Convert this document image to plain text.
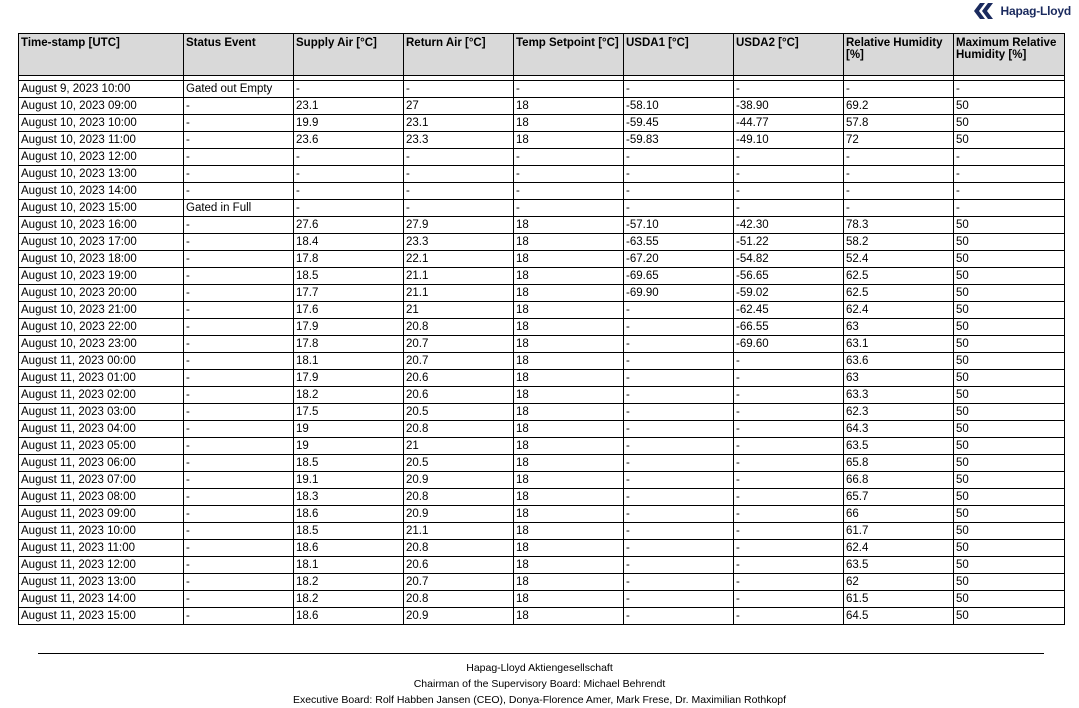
Hapag-Lloyd
Time-stamp [UTC]	Status Event	Supply Air [°C]	Return Air [°C]	Temp Setpoint [°C]	USDA1 [°C]	USDA2 [°C]	Relative Humidity [%]	Maximum Relative Humidity [%]

August 9, 2023 10:00	Gated out Empty	-	-	-	-	-	-	-
August 10, 2023 09:00	-	23.1	27	18	-58.10	-38.90	69.2	50
August 10, 2023 10:00	-	19.9	23.1	18	-59.45	-44.77	57.8	50
August 10, 2023 11:00	-	23.6	23.3	18	-59.83	-49.10	72	50
August 10, 2023 12:00	-	-	-	-	-	-	-	-
August 10, 2023 13:00	-	-	-	-	-	-	-	-
August 10, 2023 14:00	-	-	-	-	-	-	-	-
August 10, 2023 15:00	Gated in Full	-	-	-	-	-	-	-
August 10, 2023 16:00	-	27.6	27.9	18	-57.10	-42.30	78.3	50
August 10, 2023 17:00	-	18.4	23.3	18	-63.55	-51.22	58.2	50
August 10, 2023 18:00	-	17.8	22.1	18	-67.20	-54.82	52.4	50
August 10, 2023 19:00	-	18.5	21.1	18	-69.65	-56.65	62.5	50
August 10, 2023 20:00	-	17.7	21.1	18	-69.90	-59.02	62.5	50
August 10, 2023 21:00	-	17.6	21	18	-	-62.45	62.4	50
August 10, 2023 22:00	-	17.9	20.8	18	-	-66.55	63	50
August 10, 2023 23:00	-	17.8	20.7	18	-	-69.60	63.1	50
August 11, 2023 00:00	-	18.1	20.7	18	-	-	63.6	50
August 11, 2023 01:00	-	17.9	20.6	18	-	-	63	50
August 11, 2023 02:00	-	18.2	20.6	18	-	-	63.3	50
August 11, 2023 03:00	-	17.5	20.5	18	-	-	62.3	50
August 11, 2023 04:00	-	19	20.8	18	-	-	64.3	50
August 11, 2023 05:00	-	19	21	18	-	-	63.5	50
August 11, 2023 06:00	-	18.5	20.5	18	-	-	65.8	50
August 11, 2023 07:00	-	19.1	20.9	18	-	-	66.8	50
August 11, 2023 08:00	-	18.3	20.8	18	-	-	65.7	50
August 11, 2023 09:00	-	18.6	20.9	18	-	-	66	50
August 11, 2023 10:00	-	18.5	21.1	18	-	-	61.7	50
August 11, 2023 11:00	-	18.6	20.8	18	-	-	62.4	50
August 11, 2023 12:00	-	18.1	20.6	18	-	-	63.5	50
August 11, 2023 13:00	-	18.2	20.7	18	-	-	62	50
August 11, 2023 14:00	-	18.2	20.8	18	-	-	61.5	50
August 11, 2023 15:00	-	18.6	20.9	18	-	-	64.5	50
Hapag-Lloyd Aktiengesellschaft
Chairman of the Supervisory Board: Michael Behrendt
Executive Board: Rolf Habben Jansen (CEO), Donya-Florence Amer, Mark Frese, Dr. Maximilian Rothkopf
